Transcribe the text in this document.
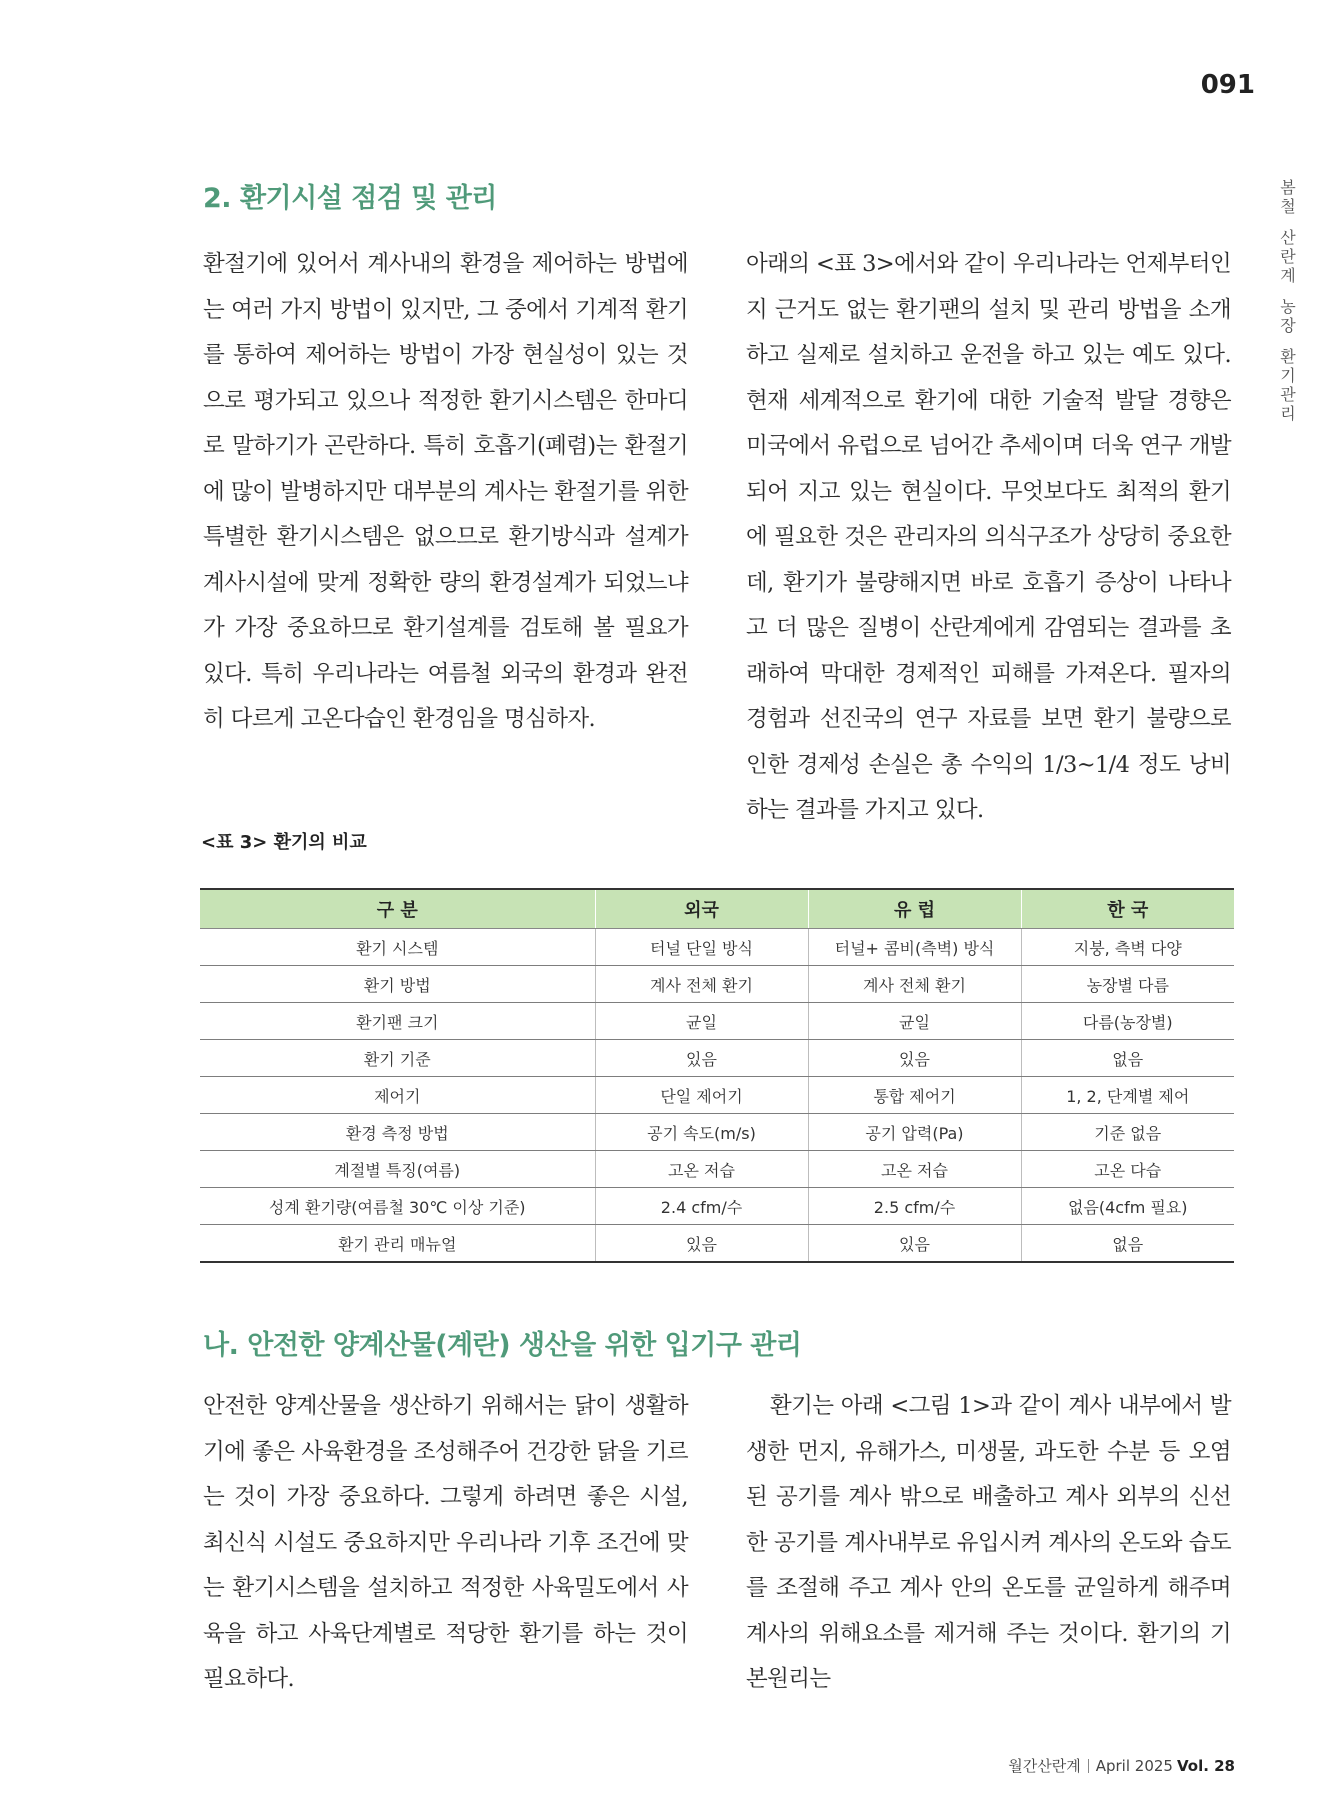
091
봄
철
산
란
계
농
장
환
기
관
리
2. 환기시설 점검 및 관리

환절기에 있어서 계사내의 환경을 제어하는 방법에는 여러 가지 방법이 있지만, 그 중에서 기계적 환기를 통하여 제어하는 방법이 가장 현실성이 있는 것으로 평가되고 있으나 적정한 환기시스템은 한마디로 말하기가 곤란하다. 특히 호흡기(폐렴)는 환절기에 많이 발병하지만 대부분의 계사는 환절기를 위한 특별한 환기시스템은 없으므로 환기방식과 설계가 계사시설에 맞게 정확한 량의 환경설계가 되었느냐가 가장 중요하므로 환기설계를 검토해 볼 필요가 있다. 특히 우리나라는 여름철 외국의 환경과 완전히 다르게 고온다습인 환경임을 명심하자.

아래의 <표 3>에서와 같이 우리나라는 언제부터인지 근거도 없는 환기팬의 설치 및 관리 방법을 소개 하고 실제로 설치하고 운전을 하고 있는 예도 있다. 현재 세계적으로 환기에 대한 기술적 발달 경향은 미국에서 유럽으로 넘어간 추세이며 더욱 연구 개발되어 지고 있는 현실이다. 무엇보다도 최적의 환기에 필요한 것은 관리자의 의식구조가 상당히 중요한데, 환기가 불량해지면 바로 호흡기 증상이 나타나고 더 많은 질병이 산란계에게 감염되는 결과를 초래하여 막대한 경제적인 피해를 가져온다. 필자의 경험과 선진국의 연구 자료를 보면 환기 불량으로 인한 경제성 손실은 총 수익의 1/3~1/4 정도 낭비하는 결과를 가지고 있다.

<표 3> 환기의 비교

구 분	외국	유 럽	한 국
환기 시스템	터널 단일 방식	터널+ 콤비(측벽) 방식	지붕, 측벽 다양
환기 방법	계사 전체 환기	계사 전체 환기	농장별 다름
환기팬 크기	균일	균일	다름(농장별)
환기 기준	있음	있음	없음
제어기	단일 제어기	통합 제어기	1, 2, 단계별 제어
환경 측정 방법	공기 속도(m/s)	공기 압력(Pa)	기준 없음
계절별 특징(여름)	고온 저습	고온 저습	고온 다습
성계 환기량(여름철 30℃ 이상 기준)	2.4 cfm/수	2.5 cfm/수	없음(4cfm 필요)
환기 관리 매뉴얼	있음	있음	없음
나. 안전한 양계산물(계란) 생산을 위한 입기구 관리

안전한 양계산물을 생산하기 위해서는 닭이 생활하기에 좋은 사육환경을 조성해주어 건강한 닭을 기르는 것이 가장 중요하다. 그렇게 하려면 좋은 시설, 최신식 시설도 중요하지만 우리나라 기후 조건에 맞는 환기시스템을 설치하고 적정한 사육밀도에서 사육을 하고 사육단계별로 적당한 환기를 하는 것이 필요하다.

환기는 아래 <그림 1>과 같이 계사 내부에서 발생한 먼지, 유해가스, 미생물, 과도한 수분 등 오염된 공기를 계사 밖으로 배출하고 계사 외부의 신선한 공기를 계사내부로 유입시켜 계사의 온도와 습도를 조절해 주고 계사 안의 온도를 균일하게 해주며 계사의 위해요소를 제거해 주는 것이다. 환기의 기본원리는

월간산란계 April 2025 Vol. 28
